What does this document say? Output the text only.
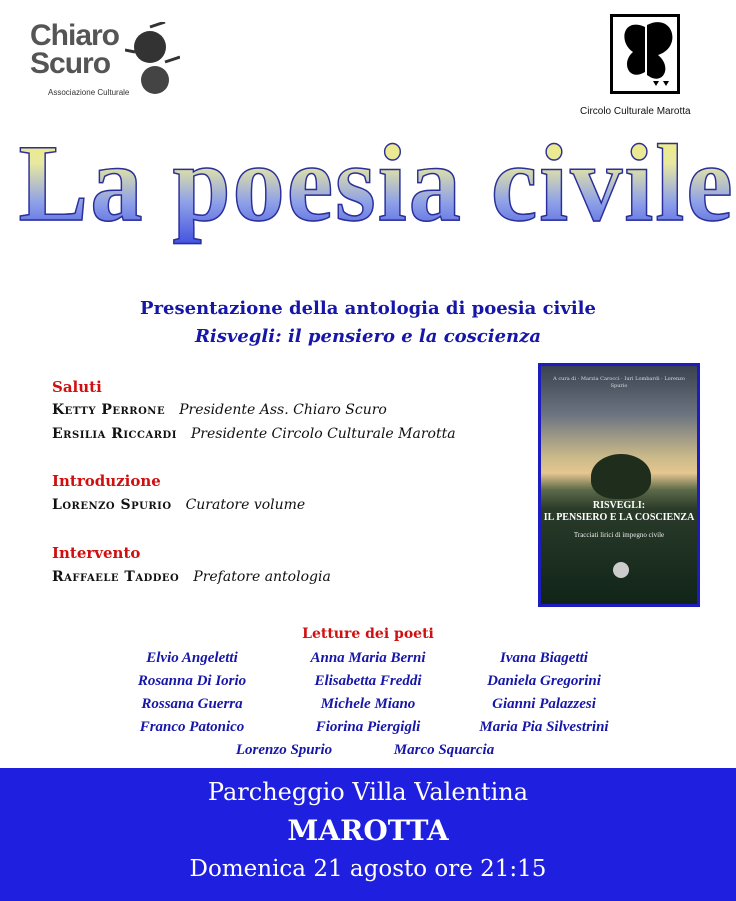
Chiaro
Scuro
Associazione Culturale
Circolo Culturale Marotta
La poesia civile
Presentazione della antologia di poesia civile
Risvegli: il pensiero e la coscienza
Saluti
Ketty Perrone Presidente Ass. Chiaro Scuro
Ersilia Riccardi Presidente Circolo Culturale Marotta
Introduzione
Lorenzo Spurio Curatore volume
Intervento
Raffaele Taddeo Prefatore antologia
A cura di · Marzia Carocci · Iuri Lombardi · Lorenzo Spurio
RISVEGLI:
IL PENSIERO E LA COSCIENZA
Tracciati lirici di impegno civile
Letture dei poeti
Elvio Angeletti	Anna Maria Berni	Ivana Biagetti
Rosanna Di Iorio	Elisabetta Freddi	Daniela Gregorini
Rossana Guerra	Michele Miano	Gianni Palazzesi
Franco Patonico	Fiorina Piergigli	Maria Pia Silvestrini
Lorenzo Spurio	Marco Squarcia
Parcheggio Villa Valentina
MAROTTA
Domenica 21 agosto ore 21:15
